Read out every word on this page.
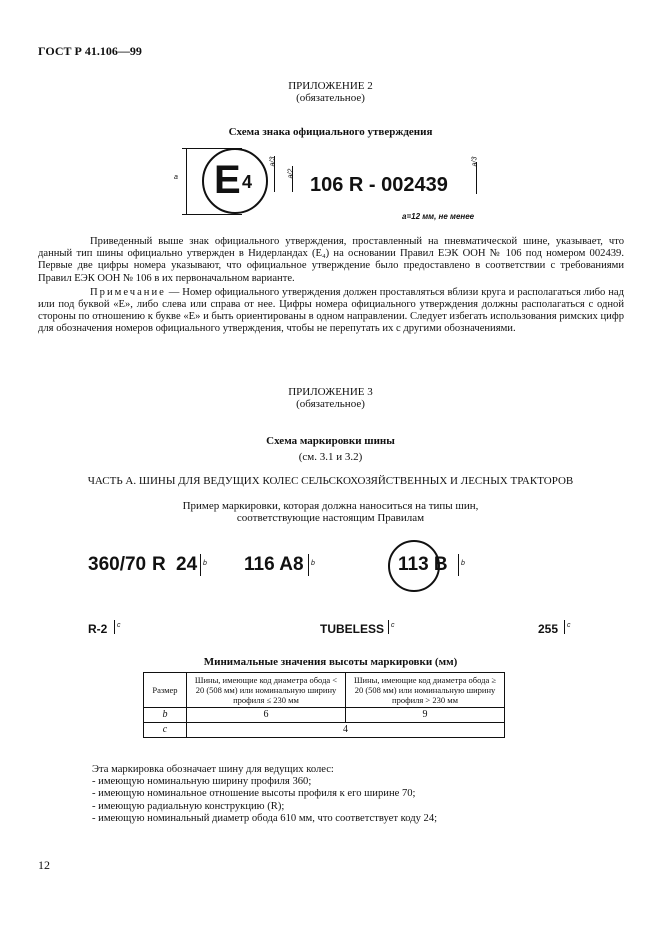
ГОСТ Р 41.106—99
ПРИЛОЖЕНИЕ 2
(обязательное)
Схема знака официального утверждения
a E 4
a/3
a/2
106 R - 002439
a/3
a=12 мм, не менее

Приведенный выше знак официального утверждения, проставленный на пневматической шине, указывает, что данный тип шины официально утвержден в Нидерландах (E₄) на основании Правил ЕЭК ООН № 106 под номером 002439. Первые две цифры номера указывают, что официальное утверждение было предоставлено в соответствии с требованиями Правил ЕЭК ООН № 106 в их первоначальном варианте.

Примечание — Номер официального утверждения должен проставляться вблизи круга и располагаться либо над или под буквой «E», либо слева или справа от нее. Цифры номера официального утверждения должны располагаться с одной стороны по отношению к букве «E» и быть ориентированы в одном направлении. Следует избегать использования римских цифр для обозначения номеров официального утверждения, чтобы не перепутать их с другими обозначениями.

ПРИЛОЖЕНИЕ 3
(обязательное)
Схема маркировки шины
(см. 3.1 и 3.2)
ЧАСТЬ А. ШИНЫ ДЛЯ ВЕДУЩИХ КОЛЕС СЕЛЬСКОХОЗЯЙСТВЕННЫХ И ЛЕСНЫХ ТРАКТОРОВ
Пример маркировки, которая должна наноситься на типы шин,
соответствующие настоящим Правилам
360/70 R 24 b 116 A8 b	113 B b
R-2 c	TUBELESS c	255 c
Минимальные значения высоты маркировки (мм)
Размер	Шины, имеющие код диаметра обода < 20 (508 мм) или номинальную ширину профиля ≤ 230 мм	Шины, имеющие код диаметра обода ≥ 20 (508 мм) или номинальную ширину профиля > 230 мм
b	6	9
c	4	
Эта маркировка обозначает шину для ведущих колес:
- имеющую номинальную ширину профиля 360;
- имеющую номинальное отношение высоты профиля к его ширине 70;
- имеющую радиальную конструкцию (R);
- имеющую номинальный диаметр обода 610 мм, что соответствует коду 24;
12
